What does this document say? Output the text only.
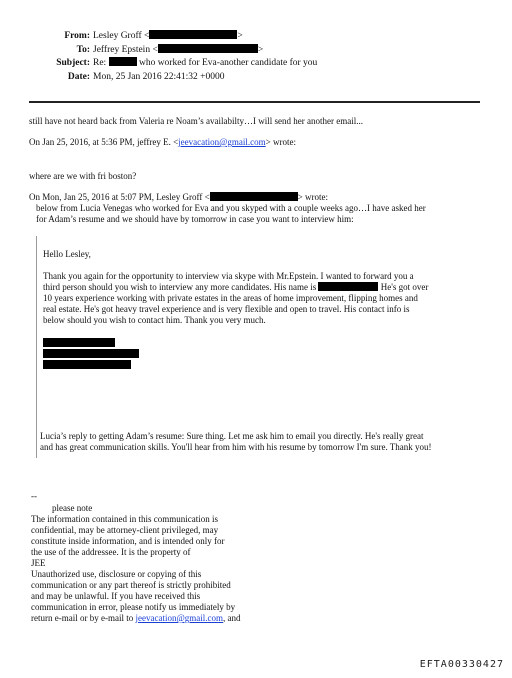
From: Lesley Groff <	>
To: Jeffrey Epstein <	>
Subject: Re:	who worked for Eva-another candidate for you
Date: Mon, 25 Jan 2016 22:41:32 +0000
still have not heard back from Valeria re Noam’s availabilty…I will send her another email...
On Jan 25, 2016, at 5:36 PM, jeffrey E. <jeevacation@gmail.com> wrote:
where are we with fri boston?
On Mon, Jan 25, 2016 at 5:07 PM, Lesley Groff <	> wrote:
below from Lucia Venegas who worked for Eva and you skyped with a couple weeks ago…I have asked her
for Adam’s resume and we should have by tomorrow in case you want to interview him:
Hello Lesley,
Thank you again for the opportunity to interview via skype with Mr.Epstein. I wanted to forward you a
third person should you wish to interview any more candidates. His name is	He's got over
10 years experience working with private estates in the areas of home improvement, flipping homes and
real estate. He's got heavy travel experience and is very flexible and open to travel. His contact info is
below should you wish to contact him. Thank you very much.
Lucia’s reply to getting Adam’s resume: Sure thing. Let me ask him to email you directly. He's really great
and has great communication skills. You'll hear from him with his resume by tomorrow I'm sure. Thank you!
--
please note
The information contained in this communication is
confidential, may be attorney-client privileged, may
constitute inside information, and is intended only for
the use of the addressee. It is the property of
JEE
Unauthorized use, disclosure or copying of this
communication or any part thereof is strictly prohibited
and may be unlawful. If you have received this
communication in error, please notify us immediately by
return e-mail or by e-mail to jeevacation@gmail.com, and
EFTA00330427
